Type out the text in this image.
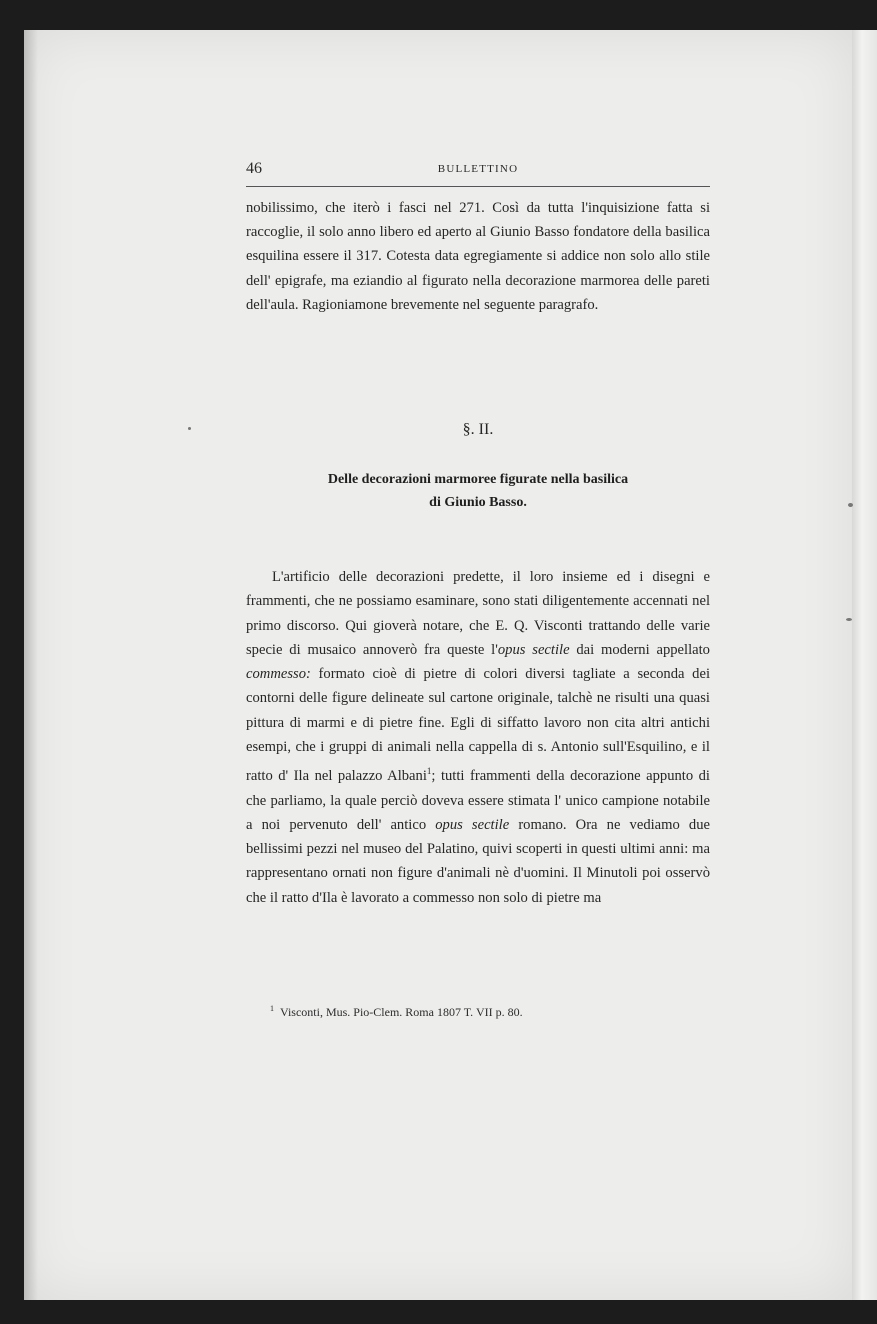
46	BULLETTINO

nobilissimo, che iterò i fasci nel 271. Così da tutta l'inquisizione fatta si raccoglie, il solo anno libero ed aperto al Giunio Basso fondatore della basilica esquilina essere il 317. Cotesta data egregiamente si addice non solo allo stile dell' epigrafe, ma eziandio al figurato nella decorazione marmorea delle pareti dell'aula. Ragioniamone brevemente nel seguente paragrafo.

§. II.
Delle decorazioni marmoree figurate nella basilica
di Giunio Basso.

L'artificio delle decorazioni predette, il loro insieme ed i disegni e frammenti, che ne possiamo esaminare, sono stati diligentemente accennati nel primo discorso. Qui gioverà notare, che E. Q. Visconti trattando delle varie specie di musaico annoverò fra queste l'opus sectile dai moderni appellato commesso: formato cioè di pietre di colori diversi tagliate a seconda dei contorni delle figure delineate sul cartone originale, talchè ne risulti una quasi pittura di marmi e di pietre fine. Egli di siffatto lavoro non cita altri antichi esempi, che i gruppi di animali nella cappella di s. Antonio sull'Esquilino, e il ratto d' Ila nel palazzo Albani$^1$; tutti frammenti della decorazione appunto di che parliamo, la quale perciò doveva essere stimata l' unico campione notabile a noi pervenuto dell' antico opus sectile romano. Ora ne vediamo due bellissimi pezzi nel museo del Palatino, quivi scoperti in questi ultimi anni: ma rappresentano ornati non figure d'animali nè d'uomini. Il Minutoli poi osservò che il ratto d'Ila è lavorato a commesso non solo di pietre ma

$^1$ Visconti, Mus. Pio-Clem. Roma 1807 T. VII p. 80.
